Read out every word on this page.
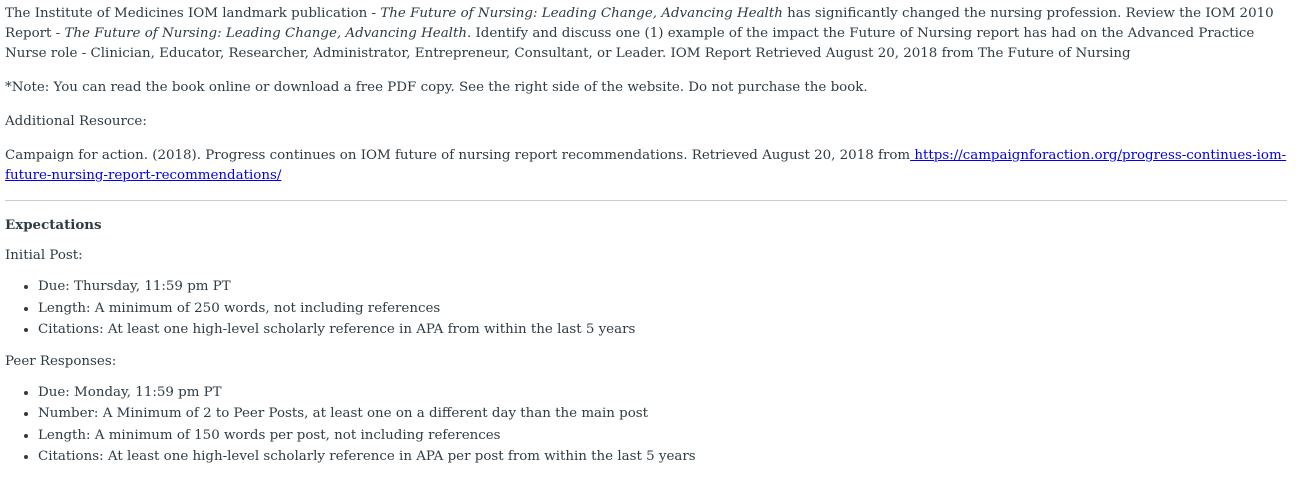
The Institute of Medicines IOM landmark publication - The Future of Nursing: Leading Change, Advancing Health has significantly changed the nursing profession. Review the IOM 2010 Report - The Future of Nursing: Leading Change, Advancing Health. Identify and discuss one (1) example of the impact the Future of Nursing report has had on the Advanced Practice Nurse role - Clinician, Educator, Researcher, Administrator, Entrepreneur, Consultant, or Leader. IOM Report Retrieved August 20, 2018 from The Future of Nursing

*Note: You can read the book online or download a free PDF copy. See the right side of the website. Do not purchase the book.

Additional Resource:

Campaign for action. (2018). Progress continues on IOM future of nursing report recommendations. Retrieved August 20, 2018 from https://campaignforaction.org/progress-continues-iom-future-nursing-report-recommendations/

Expectations

Initial Post:

• Due: Thursday, 11:59 pm PT
• Length: A minimum of 250 words, not including references
• Citations: At least one high-level scholarly reference in APA from within the last 5 years

Peer Responses:

• Due: Monday, 11:59 pm PT
• Number: A Minimum of 2 to Peer Posts, at least one on a different day than the main post
• Length: A minimum of 150 words per post, not including references
• Citations: At least one high-level scholarly reference in APA per post from within the last 5 years
